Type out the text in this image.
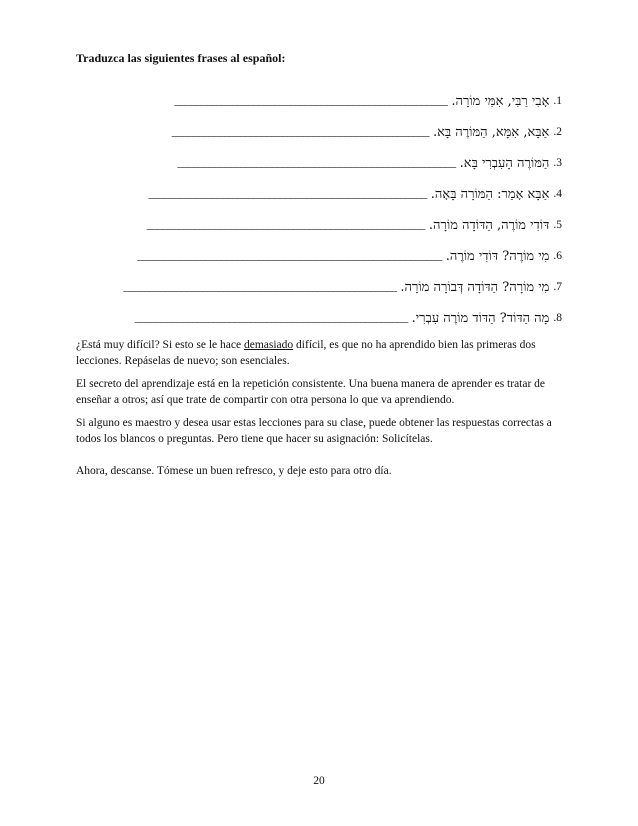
Traduzca las siguientes frases al español:

.1
אָבִי רַבִּי, אִמִּי מוֹרָה.
____________________________________________________
.2
אַבָּא, אִמָּא, הַמּוֹרֶה בָּא.
_________________________________________________
.3
הַמּוֹרֶה הָעִבְרִי בָּא.
_____________________________________________________
.4
אַבָּא אָמַר: הַמּוֹרָה בָּאָה.
_____________________________________________________
.5
דּוֹדִי מוֹרֶה, הַדּוֹדָה מוֹרָה.
_____________________________________________________
.6
מִי מוֹרֶה? דּוֹדִי מוֹרֶה.
__________________________________________________________
.7
מִי מוֹרָה? הַדּוֹדָה דְּבוֹרָה מוֹרָה.
____________________________________________________
.8
מָה הַדּוֹד? הַדּוֹד מוֹרֶה עִבְרִי.
____________________________________________________

¿Está muy difícil? Si esto se le hace demasiado difícil, es que no ha aprendido bien las primeras dos lecciones. Repáselas de nuevo; son esenciales.

El secreto del aprendizaje está en la repetición consistente. Una buena manera de aprender es tratar de enseñar a otros; así que trate de compartir con otra persona lo que va aprendiendo.

Si alguno es maestro y desea usar estas lecciones para su clase, puede obtener las respuestas correctas a todos los blancos o preguntas. Pero tiene que hacer su asignación: Solicítelas.

Ahora, descanse. Tómese un buen refresco, y deje esto para otro día.

20
